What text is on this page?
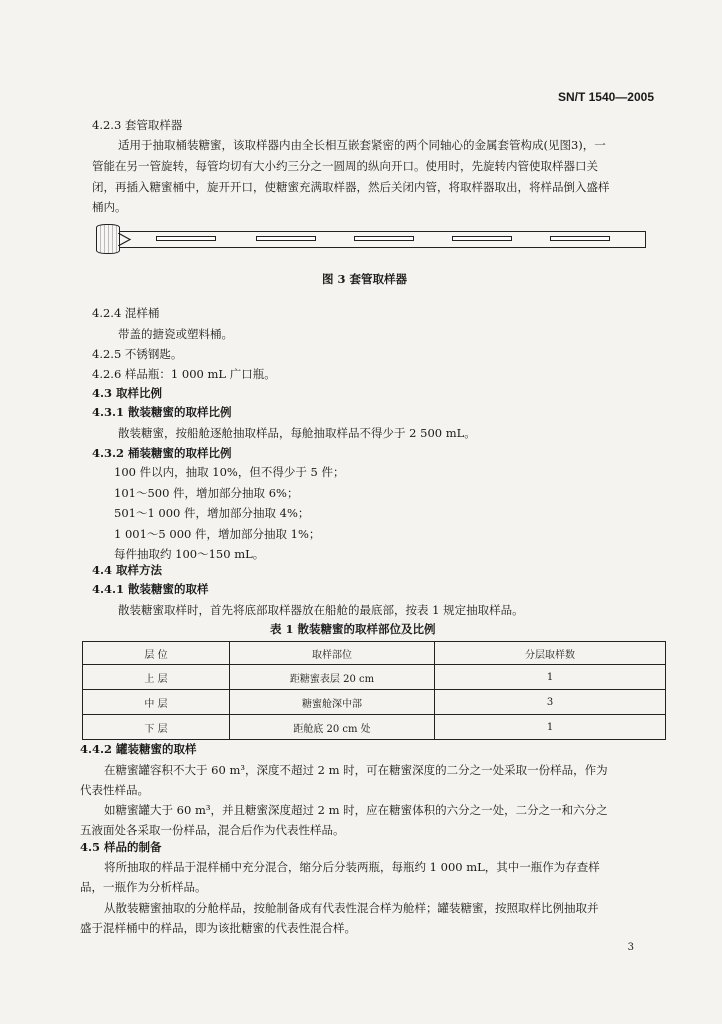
SN/T 1540—2005
4.2.3 套管取样器
适用于抽取桶装糖蜜，该取样器内由全长相互嵌套紧密的两个同轴心的金属套管构成(见图3)，一
管能在另一管旋转，每管均切有大小约三分之一圆周的纵向开口。使用时，先旋转内管使取样器口关
闭，再插入糖蜜桶中，旋开开口，使糖蜜充满取样器，然后关闭内管，将取样器取出，将样品倒入盛样
桶内。
图 3 套管取样器
4.2.4 混样桶
带盖的搪瓷或塑料桶。
4.2.5 不锈钢匙。
4.2.6 样品瓶：1 000 mL 广口瓶。
4.3 取样比例
4.3.1 散装糖蜜的取样比例
散装糖蜜，按船舱逐舱抽取样品，每舱抽取样品不得少于 2 500 mL。
4.3.2 桶装糖蜜的取样比例
100 件以内，抽取 10%，但不得少于 5 件；
101～500 件，增加部分抽取 6%；
501～1 000 件，增加部分抽取 4%；
1 001～5 000 件，增加部分抽取 1%；
每件抽取约 100～150 mL。
4.4 取样方法
4.4.1 散装糖蜜的取样
散装糖蜜取样时，首先将底部取样器放在船舱的最底部，按表 1 规定抽取样品。
表 1 散装糖蜜的取样部位及比例
层 位	取样部位	分层取样数
上 层	距糖蜜表层 20 cm	1
中 层	糖蜜舱深中部	3
下 层	距舱底 20 cm 处	1
4.4.2 罐装糖蜜的取样
在糖蜜罐容积不大于 60 m³，深度不超过 2 m 时，可在糖蜜深度的二分之一处采取一份样品，作为
代表性样品。
如糖蜜罐大于 60 m³，并且糖蜜深度超过 2 m 时，应在糖蜜体积的六分之一处，二分之一和六分之
五液面处各采取一份样品，混合后作为代表性样品。
4.5 样品的制备
将所抽取的样品于混样桶中充分混合，缩分后分装两瓶，每瓶约 1 000 mL，其中一瓶作为存查样
品，一瓶作为分析样品。
从散装糖蜜抽取的分舱样品，按舱制备成有代表性混合样为舱样；罐装糖蜜，按照取样比例抽取并
盛于混样桶中的样品，即为该批糖蜜的代表性混合样。
3
